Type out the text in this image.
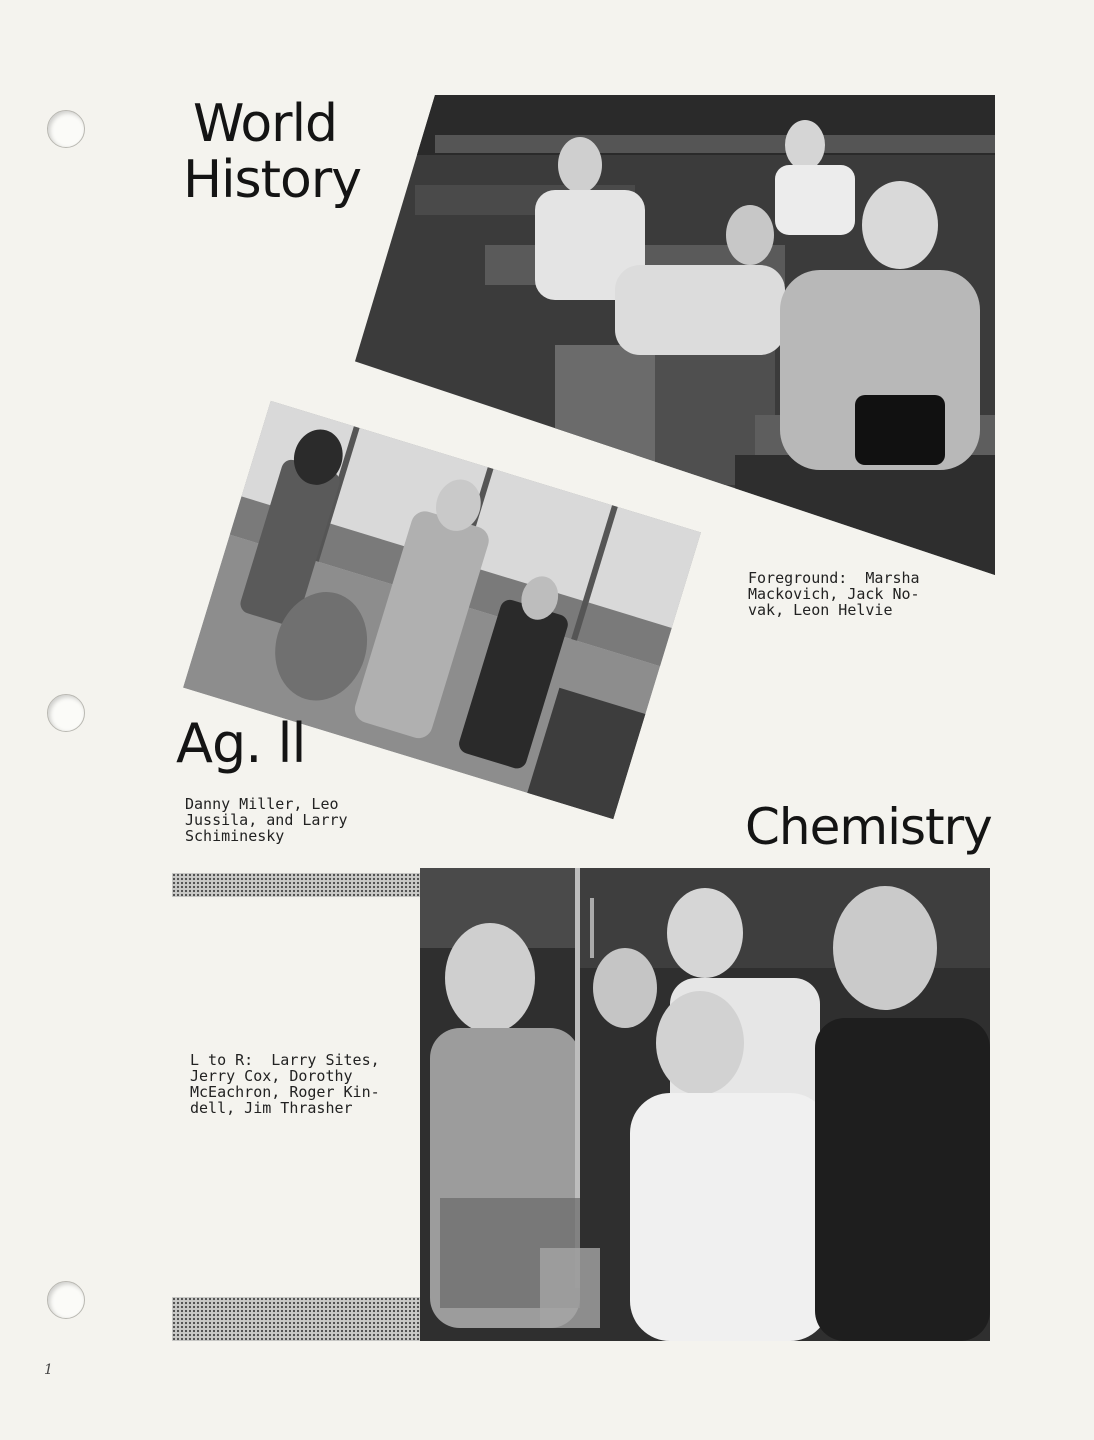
World
History

Foreground:  Marsha
Mackovich, Jack No-
vak, Leon Helvie

Ag. ll

Danny Miller, Leo
Jussila, and Larry
Schiminesky	Chemistry

L to R:  Larry Sites,
Jerry Cox, Dorothy
McEachron, Roger Kin-
dell, Jim Thrasher

1
